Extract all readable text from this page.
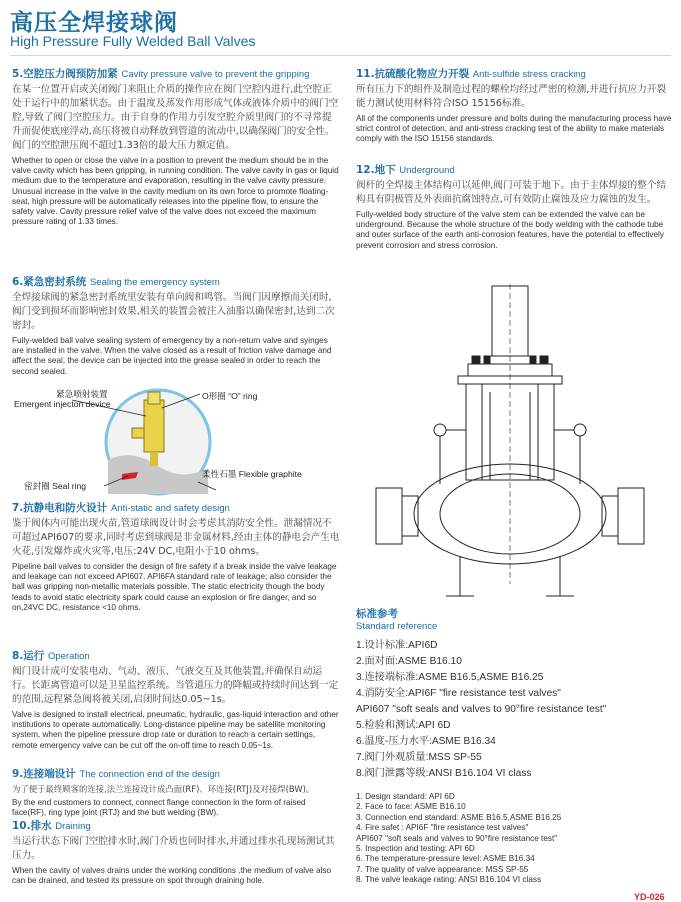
高压全焊接球阀
High Pressure Fully Welded Ball Valves

5.空腔压力阀预防加紧 Cavity pressure valve to prevent the gripping

在某一位置开启或关闭阀门来阻止介质的操作应在阀门空腔内进行,此空腔正处于运行中的加紧状态。由于温度及蒸发作用形成气体或液体介质中的阀门空腔,导致了阀门空腔压力。由于自身的作用力引发空腔介质里阀门的不寻常提升而促使底座浮动,高压将被自动释放到管道的流动中,以确保阀门的安全性。阀门的空腔泄压阀不超过1.33倍的最大压力额定值。

Whether to open or close the valve in a position to prevent the medium should be in the valve cavity which has been gripping, in running condition. The valve cavity in gas or liquid medium due to the temperature and evaporation, resulting in the valve cavity pressure. Unusual increase in the valve in the cavity medium on its own force to promote floating-seat, high pressure will be automatically releases into the pipeline flow, to ensure the safety valve. Cavity pressure relief valve of the valve does not exceed the maximum pressure rating of 1.33 times.

6.紧急密封系统 Sealing the emergency system

全焊接球阀的紧急密封系统里安装有单向阀和鸣管。当阀门因摩擦而关闭时,阀门受到损坏而影响密封效果,相关的装置会被注入油脂以确保密封,达到二次密封。

Fully-welded ball valve sealing system of emergency by a non-return valve and syinges are installed in the valve. When the valve closed as a result of friction valve damage and affect the seal, the device can be injected into the grease sealed in order to reach the second sealed.

紧急喷射装置
Emergent injecton device
O形圈 “O” ring
密封圈 Seal ring
柔性石墨 Flexible graphite

7.抗静电和防火设计 Anti-static and safety design

鉴于阀体内可能出现火苗,管道球阀设计时会考虑其消防安全性。泄漏情况不可超过API607的要求,同时考虑到球阀是非金属材料,经由主体的静电会产生电火花,引发爆炸或火灾等,电压:24V DC,电阻小于10 ohms。

Pipeline ball valves to consider the design of fire safety if a break inside the valve leakage and leakage can not exceed API607. API6FA standard rate of leakage; also consider the ball was gripping non-metallic materials possible. The static electricity though the body leads to avoid static electricity spark could cause an explosion or fire danger, and so on,24VC DC, resistance <10 ohms.

8.运行 Operation

阀门设计成可安装电动、气动、液压、气液交互及其他装置,并确保自动运行。长距离管道可以是卫星监控系统。当管道压力的降幅或持续时间达到一定的范围,远程紧急阀将被关闭,启闭时间达0.05~1s。

Valve is designed to install electrical, pneumatic, hydraulic, gas-liquid interaction and other institutions to operate automatically. Long-distance pipeline may be satellite monitoring system, when the pipeline pressure drop rate or duration to reach a certain settings, remote emergency valve can be cut off the on-off time to reach 0.05~1s.

9.连接端设计 The connection end of the design

为了便于最终顾客的连接,法兰连接设计成凸面(RF)、环连接(RTJ)及对接焊(BW)。

By the end customers to connect, connect flange connection in the form of raised face(RF), ring type joint (RTJ) and the butt welding (BW).

10.排水 Draining

当运行状态下阀门空腔排水时,阀门介质也同时排水,并通过排水孔现场测试其压力。

When the cavity of valves drains under the working conditions ,the medium of valve also can be drained, and tested its pressure on spot through draining hole.

11.抗硫酸化物应力开裂 Anti-sulfide stress cracking

所有压力下的组件及制造过程的螺栓均经过严密的检测,并进行抗应力开裂能力测试使用材料符合ISO 15156标准。

All of the components under pressure and bolts during the manufacturing process have strict control of detection, and anti-stress cracking test of the ability to make materials comply with the ISO 15156 standards.

12.地下 Underground

阀杆的全焊接主体结构可以延伸,阀门可装于地下。由于主体焊接的整个结构具有阴极管及外表面抗腐蚀特点,可有效防止腐蚀及应力腐蚀的发生。

Fully-welded body structure of the valve stem can be extended the valve can be underground. Because the whole structure of the body welding with the cathode tube and outer surface of the earth anti-corrosion features, have the potential to effectively prevent corrosion and stress corrosion.

标准参考

Standard reference

1.设计标准:API6D
2.面对面:ASME B16.10
3.连接端标准:ASME B16.5,ASME B16.25
4.消防安全:API6F "fire resistance test valves"
API607 "soft seals and valves to 90°fire resistance test"
5.检验和测试:API 6D
6.温度-压力水平:ASME B16.34
7.阀门外观质量:MSS SP-55
8.阀门泄露等级:ANSI B16.104 VI class
1. Design standard: API 6D
2. Face to face: ASME B16.10
3. Connection end standard: ASME B16.5,ASME B16.25
4. Fire safet : API6F "fire resistance test valves"
API607 "soft seals and valves to 90°fire resistance test"
5. Inspection and testing: API 6D
6. The temperature-pressure level: ASME B16.34
7. The quality of valve appearance: MSS SP-55
8. The valve leakage rating: ANSI B16.104 VI class
YD-026
